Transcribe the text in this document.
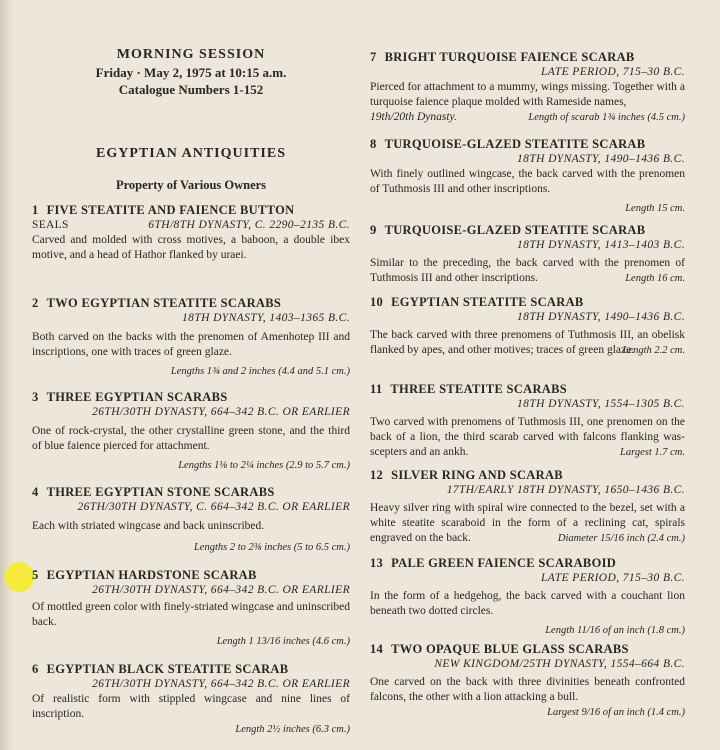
MORNING SESSION
Friday · May 2, 1975 at 10:15 a.m.
Catalogue Numbers 1-152
EGYPTIAN ANTIQUITIES
Property of Various Owners
1 FIVE STEATITE AND FAIENCE BUTTON
SEALS	6TH/8TH DYNASTY, C. 2290–2135 B.C.
Carved and molded with cross motives, a baboon, a double ibex motive, and a head of Hathor flanked by uraei.
2 TWO EGYPTIAN STEATITE SCARABS
18TH DYNASTY, 1403–1365 B.C.
Both carved on the backs with the prenomen of Amenhotep III and inscriptions, one with traces of green glaze.
Lengths 1¾ and 2 inches (4.4 and 5.1 cm.)
3 THREE EGYPTIAN SCARABS
26TH/30TH DYNASTY, 664–342 B.C. OR EARLIER
One of rock-crystal, the other crystalline green stone, and the third of blue faience pierced for attachment.
Lengths 1⅛ to 2¼ inches (2.9 to 5.7 cm.)
4 THREE EGYPTIAN STONE SCARABS
26TH/30TH DYNASTY, C. 664–342 B.C. OR EARLIER
Each with striated wingcase and back uninscribed.
Lengths 2 to 2⅜ inches (5 to 6.5 cm.)
5 EGYPTIAN HARDSTONE SCARAB
26TH/30TH DYNASTY, 664–342 B.C. OR EARLIER
Of mottled green color with finely-striated wingcase and uninscribed back.
Length 1 13/16 inches (4.6 cm.)
6 EGYPTIAN BLACK STEATITE SCARAB
26TH/30TH DYNASTY, 664–342 B.C. OR EARLIER
Of realistic form with stippled wingcase and nine lines of inscription.
Length 2½ inches (6.3 cm.)
7 BRIGHT TURQUOISE FAIENCE SCARAB
LATE PERIOD, 715–30 B.C.
Pierced for attachment to a mummy, wings missing. Together with a turquoise faience plaque molded with Rameside names,
19th/20th Dynasty.	Length of scarab 1¾ inches (4.5 cm.)
8 TURQUOISE-GLAZED STEATITE SCARAB
18TH DYNASTY, 1490–1436 B.C.
With finely outlined wingcase, the back carved with the prenomen of Tuthmosis III and other inscriptions.
Length 15 cm.
9 TURQUOISE-GLAZED STEATITE SCARAB
18TH DYNASTY, 1413–1403 B.C.
Similar to the preceding, the back carved with the prenomen of Tuthmosis III and other inscriptions.	Length 16 cm.
10 EGYPTIAN STEATITE SCARAB
18TH DYNASTY, 1490–1436 B.C.
The back carved with three prenomens of Tuthmosis III, an obelisk flanked by apes, and other motives; traces of green glaze.
Length 2.2 cm.
11 THREE STEATITE SCARABS
18TH DYNASTY, 1554–1305 B.C.
Two carved with prenomens of Tuthmosis III, one prenomen on the back of a lion, the third scarab carved with falcons flanking was-scepters and an ankh.	Largest 1.7 cm.
12 SILVER RING AND SCARAB
17TH/EARLY 18TH DYNASTY, 1650–1436 B.C.
Heavy silver ring with spiral wire connected to the bezel, set with a white steatite scaraboid in the form of a reclining cat, spirals engraved on the back.	Diameter 15/16 inch (2.4 cm.)
13 PALE GREEN FAIENCE SCARABOID
LATE PERIOD, 715–30 B.C.
In the form of a hedgehog, the back carved with a couchant lion beneath two dotted circles.
Length 11/16 of an inch (1.8 cm.)
14 TWO OPAQUE BLUE GLASS SCARABS
NEW KINGDOM/25TH DYNASTY, 1554–664 B.C.
One carved on the back with three divinities beneath confronted falcons, the other with a lion attacking a bull.
Largest 9/16 of an inch (1.4 cm.)
